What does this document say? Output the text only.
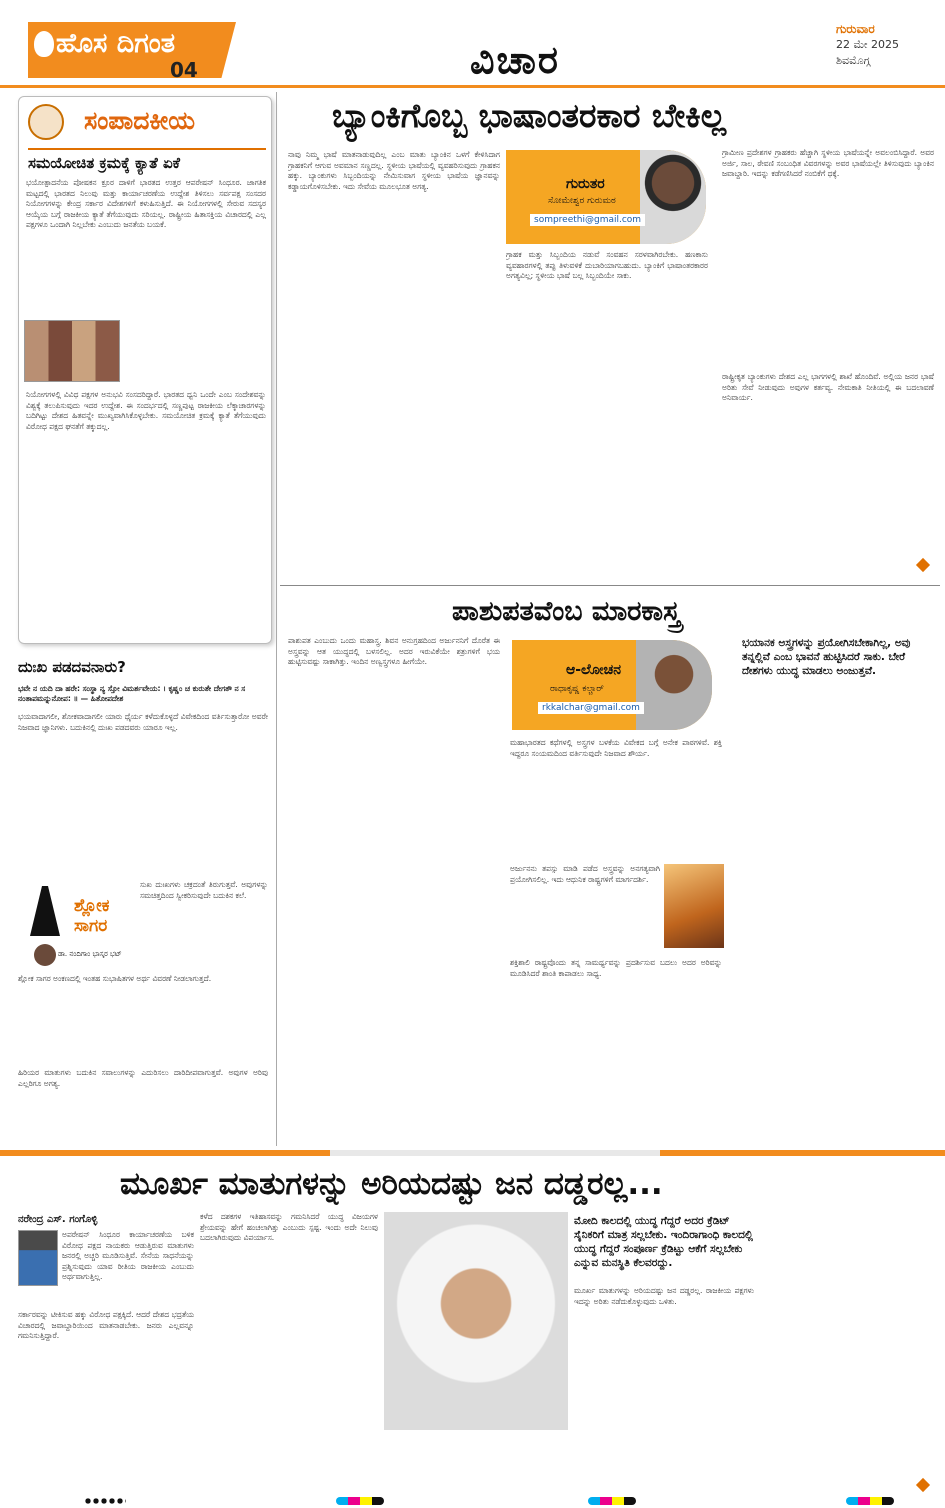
ಹೊಸ ದಿಗಂತ
04	ವಿಚಾರ
ಗುರುವಾರ
22 ಮೇ 2025
ಶಿವಮೊಗ್ಗ
ಸಂಪಾದಕೀಯ
ಸಮಯೋಚಿತ ಕ್ರಮಕ್ಕೆ ಕ್ಯಾತೆ ಏಕೆ
ಭಯೋತ್ಪಾದನೆಯ ಪೋಷಕನ ಕ್ರೂರ ದಾಳಿಗೆ ಭಾರತದ ಉತ್ತರ ಆಪರೇಷನ್ ಸಿಂಧೂರ. ಜಾಗತಿಕ ಮಟ್ಟದಲ್ಲಿ ಭಾರತದ ನಿಲುವು ಮತ್ತು ಕಾರ್ಯಾಚರಣೆಯ ಉದ್ದೇಶ ತಿಳಿಸಲು ಸರ್ವಪಕ್ಷ ಸಂಸದರ ನಿಯೋಗಗಳನ್ನು ಕೇಂದ್ರ ಸರ್ಕಾರ ವಿದೇಶಗಳಿಗೆ ಕಳುಹಿಸುತ್ತಿದೆ. ಈ ನಿಯೋಗಗಳಲ್ಲಿ ಸೇರುವ ಸದಸ್ಯರ ಆಯ್ಕೆಯ ಬಗ್ಗೆ ರಾಜಕೀಯ ಕ್ಯಾತೆ ತೆಗೆಯುವುದು ಸರಿಯಲ್ಲ. ರಾಷ್ಟ್ರೀಯ ಹಿತಾಸಕ್ತಿಯ ವಿಚಾರದಲ್ಲಿ ಎಲ್ಲ ಪಕ್ಷಗಳೂ ಒಂದಾಗಿ ನಿಲ್ಲಬೇಕು ಎಂಬುದು ಜನತೆಯ ಬಯಕೆ.
ನಿಯೋಗಗಳಲ್ಲಿ ವಿವಿಧ ಪಕ್ಷಗಳ ಅನುಭವಿ ಸಂಸದರಿದ್ದಾರೆ. ಭಾರತದ ಧ್ವನಿ ಒಂದೇ ಎಂಬ ಸಂದೇಶವನ್ನು ವಿಶ್ವಕ್ಕೆ ತಲುಪಿಸುವುದು ಇದರ ಉದ್ದೇಶ. ಈ ಸಂದರ್ಭದಲ್ಲಿ ಸಣ್ಣಪುಟ್ಟ ರಾಜಕೀಯ ಲೆಕ್ಕಾಚಾರಗಳನ್ನು ಬದಿಗಿಟ್ಟು ದೇಶದ ಹಿತವನ್ನೇ ಮುಖ್ಯವಾಗಿಸಿಕೊಳ್ಳಬೇಕು. ಸಮಯೋಚಿತ ಕ್ರಮಕ್ಕೆ ಕ್ಯಾತೆ ತೆಗೆಯುವುದು ವಿರೋಧ ಪಕ್ಷದ ಘನತೆಗೆ ತಕ್ಕುದಲ್ಲ.
ಬ್ಯಾಂಕಿಗೊಬ್ಬ ಭಾಷಾಂತರಕಾರ ಬೇಕಿಲ್ಲ
ನಾವು ನಿಮ್ಮ ಭಾಷೆ ಮಾತನಾಡುವುದಿಲ್ಲ ಎಂಬ ಮಾತು ಬ್ಯಾಂಕಿನ ಒಳಗೆ ಕೇಳಿಸಿದಾಗ ಗ್ರಾಹಕನಿಗೆ ಆಗುವ ಅವಮಾನ ಸಣ್ಣದಲ್ಲ. ಸ್ಥಳೀಯ ಭಾಷೆಯಲ್ಲಿ ವ್ಯವಹರಿಸುವುದು ಗ್ರಾಹಕನ ಹಕ್ಕು. ಬ್ಯಾಂಕುಗಳು ಸಿಬ್ಬಂದಿಯನ್ನು ನೇಮಿಸುವಾಗ ಸ್ಥಳೀಯ ಭಾಷೆಯ ಜ್ಞಾನವನ್ನು ಕಡ್ಡಾಯಗೊಳಿಸಬೇಕು. ಇದು ಸೇವೆಯ ಮೂಲಭೂತ ಅಗತ್ಯ.	ಗುರುತರ
ಸೋಮೇಶ್ವರ ಗುರುಮಠ
sompreethi@gmail.com
ಗ್ರಾಹಕ ಮತ್ತು ಸಿಬ್ಬಂದಿಯ ನಡುವೆ ಸಂವಹನ ಸರಳವಾಗಿರಬೇಕು. ಹಣಕಾಸು ವ್ಯವಹಾರಗಳಲ್ಲಿ ತಪ್ಪು ತಿಳುವಳಿಕೆ ದುಬಾರಿಯಾಗಬಹುದು. ಬ್ಯಾಂಕಿಗೆ ಭಾಷಾಂತರಕಾರರ ಅಗತ್ಯವಿಲ್ಲ; ಸ್ಥಳೀಯ ಭಾಷೆ ಬಲ್ಲ ಸಿಬ್ಬಂದಿಯೇ ಸಾಕು.
ಗ್ರಾಮೀಣ ಪ್ರದೇಶಗಳ ಗ್ರಾಹಕರು ಹೆಚ್ಚಾಗಿ ಸ್ಥಳೀಯ ಭಾಷೆಯನ್ನೇ ಅವಲಂಬಿಸಿದ್ದಾರೆ. ಅವರ ಅರ್ಜಿ, ಸಾಲ, ಠೇವಣಿ ಸಂಬಂಧಿತ ವಿವರಗಳನ್ನು ಅವರ ಭಾಷೆಯಲ್ಲೇ ತಿಳಿಸುವುದು ಬ್ಯಾಂಕಿನ ಜವಾಬ್ದಾರಿ. ಇದನ್ನು ಕಡೆಗಣಿಸಿದರೆ ನಂಬಿಕೆಗೆ ಧಕ್ಕೆ.
ರಾಷ್ಟ್ರೀಕೃತ ಬ್ಯಾಂಕುಗಳು ದೇಶದ ಎಲ್ಲ ಭಾಗಗಳಲ್ಲಿ ಶಾಖೆ ಹೊಂದಿವೆ. ಅಲ್ಲಿಯ ಜನರ ಭಾಷೆ ಅರಿತು ಸೇವೆ ನೀಡುವುದು ಅವುಗಳ ಕರ್ತವ್ಯ. ನೇಮಕಾತಿ ನೀತಿಯಲ್ಲಿ ಈ ಬದಲಾವಣೆ ಅನಿವಾರ್ಯ.
ಪಾಶುಪತವೆಂಬ ಮಾರಕಾಸ್ತ್ರ
ಪಾಶುಪತ ಎಂಬುದು ಒಂದು ಮಹಾಸ್ತ್ರ. ಶಿವನ ಅನುಗ್ರಹದಿಂದ ಅರ್ಜುನನಿಗೆ ದೊರೆತ ಈ ಅಸ್ತ್ರವನ್ನು ಆತ ಯುದ್ಧದಲ್ಲಿ ಬಳಸಲಿಲ್ಲ. ಅದರ ಇರುವಿಕೆಯೇ ಶತ್ರುಗಳಿಗೆ ಭಯ ಹುಟ್ಟಿಸುವಷ್ಟು ಸಾಕಾಗಿತ್ತು. ಇಂದಿನ ಅಣ್ವಸ್ತ್ರಗಳೂ ಹೀಗೆಯೇ.
ಆ-ಲೋಚನ
ರಾಧಾಕೃಷ್ಣ ಕಲ್ಚಾರ್
rkkalchar@gmail.com
ಭಯಾನಕ ಅಸ್ತ್ರಗಳನ್ನು ಪ್ರಯೋಗಿಸಬೇಕಾಗಿಲ್ಲ, ಅವು ತನ್ನಲ್ಲಿವೆ ಎಂಬ ಭಾವನೆ ಹುಟ್ಟಿಸಿದರೆ ಸಾಕು. ಬೇರೆ ದೇಶಗಳು ಯುದ್ಧ ಮಾಡಲು ಅಂಜುತ್ತವೆ.
ಮಹಾಭಾರತದ ಕಥೆಗಳಲ್ಲಿ ಅಸ್ತ್ರಗಳ ಬಳಕೆಯ ವಿವೇಕದ ಬಗ್ಗೆ ಅನೇಕ ಪಾಠಗಳಿವೆ. ಶಕ್ತಿ ಇದ್ದರೂ ಸಂಯಮದಿಂದ ವರ್ತಿಸುವುದೇ ನಿಜವಾದ ಶೌರ್ಯ.
ಅರ್ಜುನನು ತಪಸ್ಸು ಮಾಡಿ ಪಡೆದ ಅಸ್ತ್ರವನ್ನು ಅನಗತ್ಯವಾಗಿ ಪ್ರಯೋಗಿಸಲಿಲ್ಲ. ಇದು ಆಧುನಿಕ ರಾಷ್ಟ್ರಗಳಿಗೆ ಮಾರ್ಗದರ್ಶಿ.
ಶಕ್ತಿಶಾಲಿ ರಾಷ್ಟ್ರವೊಂದು ತನ್ನ ಸಾಮರ್ಥ್ಯವನ್ನು ಪ್ರದರ್ಶಿಸುವ ಬದಲು ಅದರ ಅರಿವನ್ನು ಮೂಡಿಸಿದರೆ ಶಾಂತಿ ಕಾಪಾಡಲು ಸಾಧ್ಯ.
ದುಃಖ ಪಡದವನಾರು?
ಭವೇ ನ ಯದಿ ದಾ ಹರೇ: ಸಂಸ್ಥಾ ನ್ಯ ಸ್ತೋ ವಿಮರ್ಶವೇಯ: । ಕೃಷ್ಣಂ ಚ ಕುರುತೇ ದೇಗತೌ ನ ಸ ನಂತಾಪಮನ್ನುನೋಪ: ॥ — ಹಿತೋಪದೇಶ
ಭಯವಾದಾಗಲೀ, ಶೋಕವಾದಾಗಲೀ ಯಾರು ಧೈರ್ಯ ಕಳೆದುಕೊಳ್ಳದೆ ವಿವೇಕದಿಂದ ವರ್ತಿಸುತ್ತಾರೋ ಅವರೇ ನಿಜವಾದ ಜ್ಞಾನಿಗಳು. ಬದುಕಿನಲ್ಲಿ ದುಃಖ ಪಡದವರು ಯಾರೂ ಇಲ್ಲ.
ಶ್ಲೋಕ
ಸಾಗರ
ಡಾ. ನಂದಿಗಾಂ ಭಾಸ್ಕರ ಭಟ್
ಸುಖ ದುಃಖಗಳು ಚಕ್ರದಂತೆ ತಿರುಗುತ್ತವೆ. ಅವುಗಳನ್ನು ಸಮಚಿತ್ತದಿಂದ ಸ್ವೀಕರಿಸುವುದೇ ಬದುಕಿನ ಕಲೆ.
ಶ್ಲೋಕ ಸಾಗರ ಅಂಕಣದಲ್ಲಿ ಇಂತಹ ಸುಭಾಷಿತಗಳ ಅರ್ಥ ವಿವರಣೆ ನೀಡಲಾಗುತ್ತದೆ.
ಹಿರಿಯರ ಮಾತುಗಳು ಬದುಕಿನ ಸವಾಲುಗಳನ್ನು ಎದುರಿಸಲು ದಾರಿದೀಪವಾಗುತ್ತವೆ. ಅವುಗಳ ಅರಿವು ಎಲ್ಲರಿಗೂ ಅಗತ್ಯ.
ಮೂರ್ಖ ಮಾತುಗಳನ್ನು ಅರಿಯದಷ್ಟು ಜನ ದಡ್ಡರಲ್ಲ...
ನರೇಂದ್ರ ಎಸ್. ಗಂಗೊಳ್ಳಿ
ಅಪರೇಷನ್ ಸಿಂಧೂರ ಕಾರ್ಯಾಚರಣೆಯ ಬಳಿಕ ವಿರೋಧ ಪಕ್ಷದ ನಾಯಕರು ಆಡುತ್ತಿರುವ ಮಾತುಗಳು ಜನರಲ್ಲಿ ಅಚ್ಚರಿ ಮೂಡಿಸುತ್ತಿವೆ. ಸೇನೆಯ ಸಾಧನೆಯನ್ನು ಪ್ರಶ್ನಿಸುವುದು ಯಾವ ರೀತಿಯ ರಾಜಕೀಯ ಎಂಬುದು ಅರ್ಥವಾಗುತ್ತಿಲ್ಲ.
ಸರ್ಕಾರವನ್ನು ಟೀಕಿಸುವ ಹಕ್ಕು ವಿರೋಧ ಪಕ್ಷಕ್ಕಿದೆ. ಆದರೆ ದೇಶದ ಭದ್ರತೆಯ ವಿಚಾರದಲ್ಲಿ ಜವಾಬ್ದಾರಿಯಿಂದ ಮಾತನಾಡಬೇಕು. ಜನರು ಎಲ್ಲವನ್ನೂ ಗಮನಿಸುತ್ತಿದ್ದಾರೆ.
ಕಳೆದ ದಶಕಗಳ ಇತಿಹಾಸವನ್ನು ಗಮನಿಸಿದರೆ ಯುದ್ಧ ವಿಜಯಗಳ ಶ್ರೇಯವನ್ನು ಹೇಗೆ ಹಂಚಲಾಗಿತ್ತು ಎಂಬುದು ಸ್ಪಷ್ಟ. ಇಂದು ಅದೇ ನಿಲುವು ಬದಲಾಗಿರುವುದು ವಿಪರ್ಯಾಸ.
ಮೋದಿ ಕಾಲದಲ್ಲಿ ಯುದ್ಧ ಗೆದ್ದರೆ ಅದರ ಕ್ರೆಡಿಟ್ ಸೈನಿಕರಿಗೆ ಮಾತ್ರ ಸಲ್ಲಬೇಕು. ಇಂದಿರಾಗಾಂಧಿ ಕಾಲದಲ್ಲಿ ಯುದ್ಧ ಗೆದ್ದರೆ ಸಂಪೂರ್ಣ ಕ್ರೆಡಿಟ್ಟು ಆಕೆಗೆ ಸಲ್ಲಬೇಕು ಎನ್ನುವ ಮನಸ್ಥಿತಿ ಕೆಲವರದ್ದು.
ಮೂರ್ಖ ಮಾತುಗಳನ್ನು ಅರಿಯದಷ್ಟು ಜನ ದಡ್ಡರಲ್ಲ. ರಾಜಕೀಯ ಪಕ್ಷಗಳು ಇದನ್ನು ಅರಿತು ನಡೆದುಕೊಳ್ಳುವುದು ಒಳಿತು.
